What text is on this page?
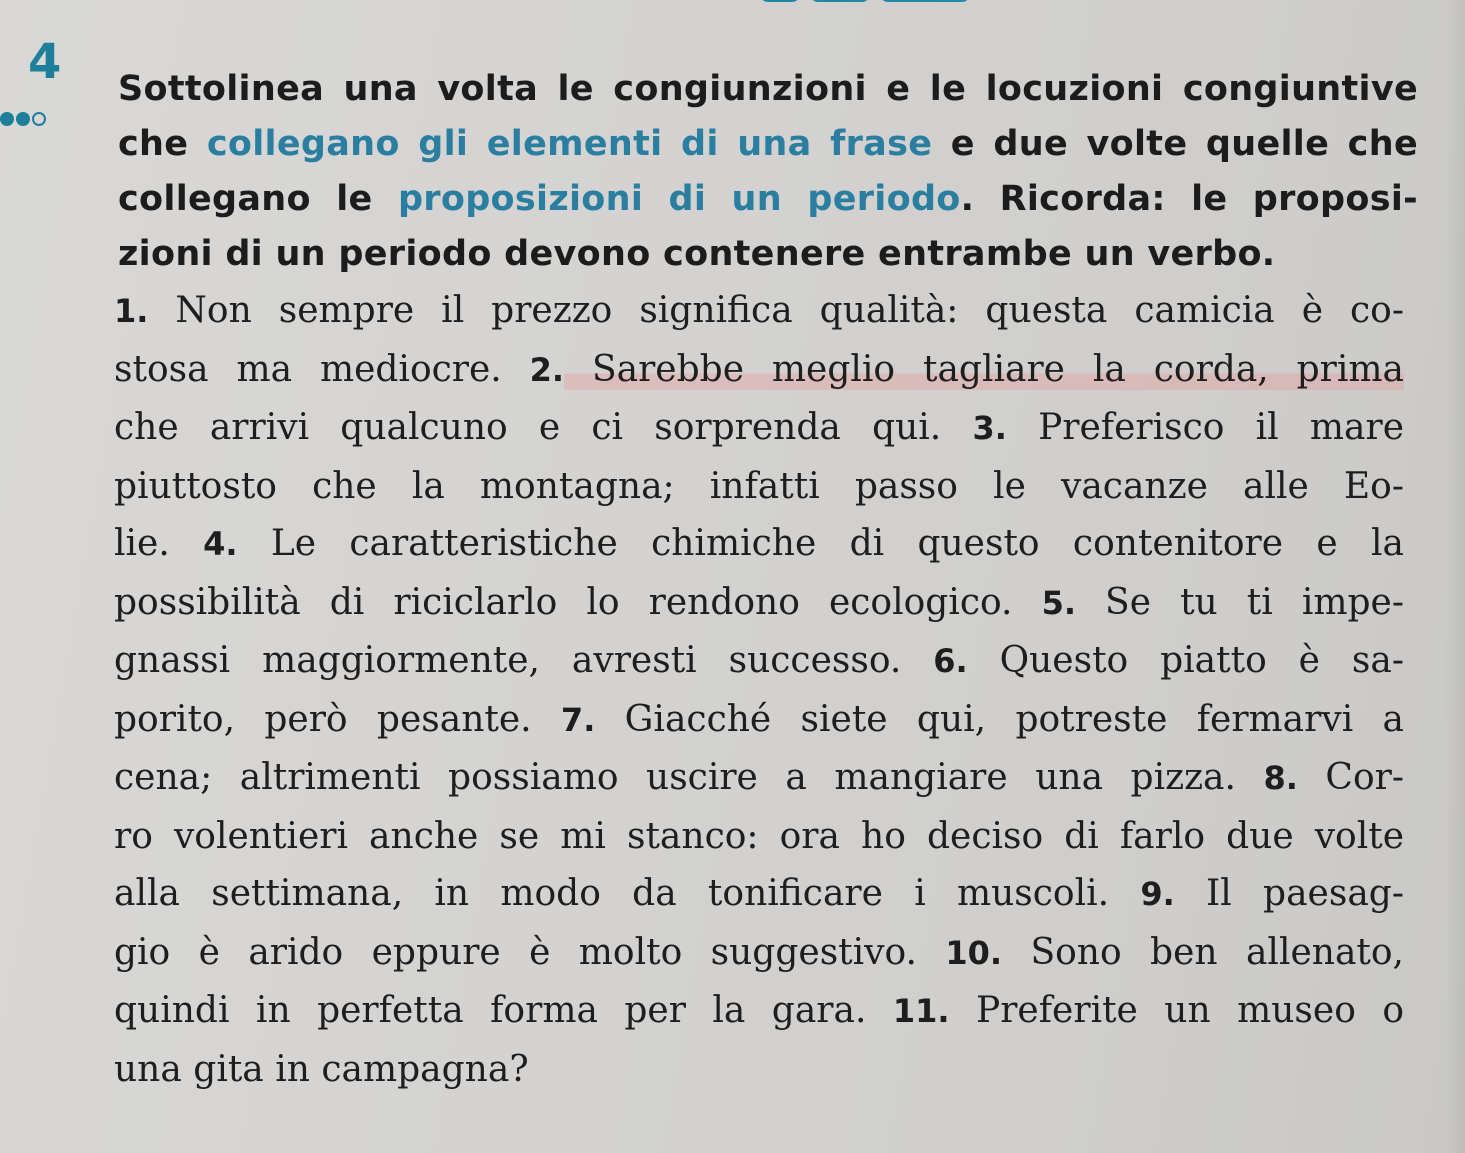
4 Sottolinea una volta le congiunzioni e le locuzioni congiuntive
che collegano gli elementi di una frase e due volte quelle che
collegano le proposizioni di un periodo. Ricorda: le proposi-
zioni di un periodo devono contenere entrambe un verbo.

1. Non sempre il prezzo significa qualità: questa camicia è co-
stosa ma mediocre. 2. Sarebbe meglio tagliare la corda, prima
che arrivi qualcuno e ci sorprenda qui. 3. Preferisco il mare
piuttosto che la montagna; infatti passo le vacanze alle Eo-
lie. 4. Le caratteristiche chimiche di questo contenitore e la
possibilità di riciclarlo lo rendono ecologico. 5. Se tu ti impe-
gnassi maggiormente, avresti successo. 6. Questo piatto è sa-
porito, però pesante. 7. Giacché siete qui, potreste fermarvi a
cena; altrimenti possiamo uscire a mangiare una pizza. 8. Cor-
ro volentieri anche se mi stanco: ora ho deciso di farlo due volte
alla settimana, in modo da tonificare i muscoli. 9. Il paesag-
gio è arido eppure è molto suggestivo. 10. Sono ben allenato,
quindi in perfetta forma per la gara. 11. Preferite un museo o
una gita in campagna?
